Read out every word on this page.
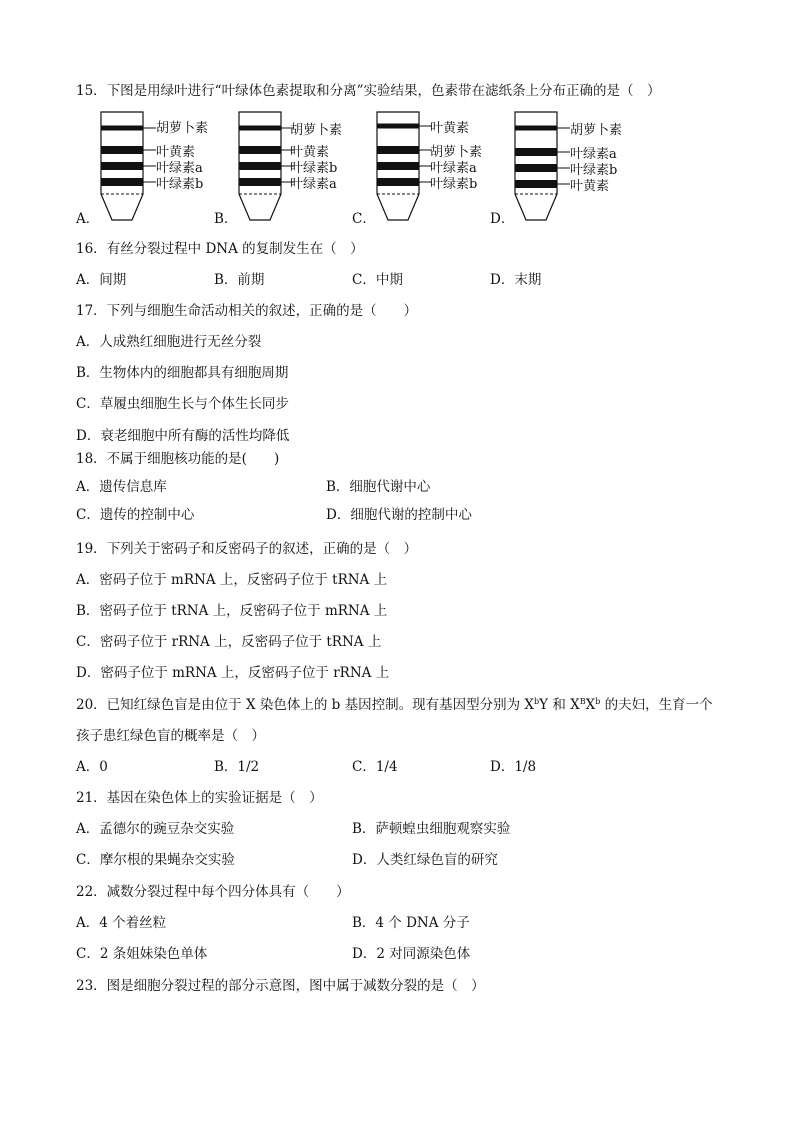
15．下图是用绿叶进行“叶绿体色素提取和分离”实验结果，色素带在滤纸条上分布正确的是（　）
胡萝卜素
叶黄素
叶绿素a
叶绿素b
A．
胡萝卜素
叶黄素
叶绿素b
叶绿素a
B．
叶黄素
胡萝卜素
叶绿素a
叶绿素b
C．
胡萝卜素
叶绿素a
叶绿素b
叶黄素
D．
16．有丝分裂过程中 DNA 的复制发生在（　）
A．间期	B．前期	C．中期	D．末期
17．下列与细胞生命活动相关的叙述，正确的是（　　）
A．人成熟红细胞进行无丝分裂
B．生物体内的细胞都具有细胞周期
C．草履虫细胞生长与个体生长同步
D．衰老细胞中所有酶的活性均降低
18．不属于细胞核功能的是(　　)
A．遗传信息库	B．细胞代谢中心
C．遗传的控制中心	D．细胞代谢的控制中心
19．下列关于密码子和反密码子的叙述，正确的是（　）
A．密码子位于 mRNA 上，反密码子位于 tRNA 上
B．密码子位于 tRNA 上，反密码子位于 mRNA 上
C．密码子位于 rRNA 上，反密码子位于 tRNA 上
D．密码子位于 mRNA 上，反密码子位于 rRNA 上
20．已知红绿色盲是由位于 X 染色体上的 b 基因控制。现有基因型分别为 $X^bY$ 和 $X^BX^b$ 的夫妇，生育一个
孩子患红绿色盲的概率是（　）
A．0	B．1/2	C．1/4	D．1/8
21．基因在染色体上的实验证据是（　）
A．孟德尔的豌豆杂交实验	B．萨顿蝗虫细胞观察实验
C．摩尔根的果蝇杂交实验	D．人类红绿色盲的研究
22．减数分裂过程中每个四分体具有（　　）
A．4 个着丝粒	B．4 个 DNA 分子
C．2 条姐妹染色单体	D．2 对同源染色体
23．图是细胞分裂过程的部分示意图，图中属于减数分裂的是（　）
